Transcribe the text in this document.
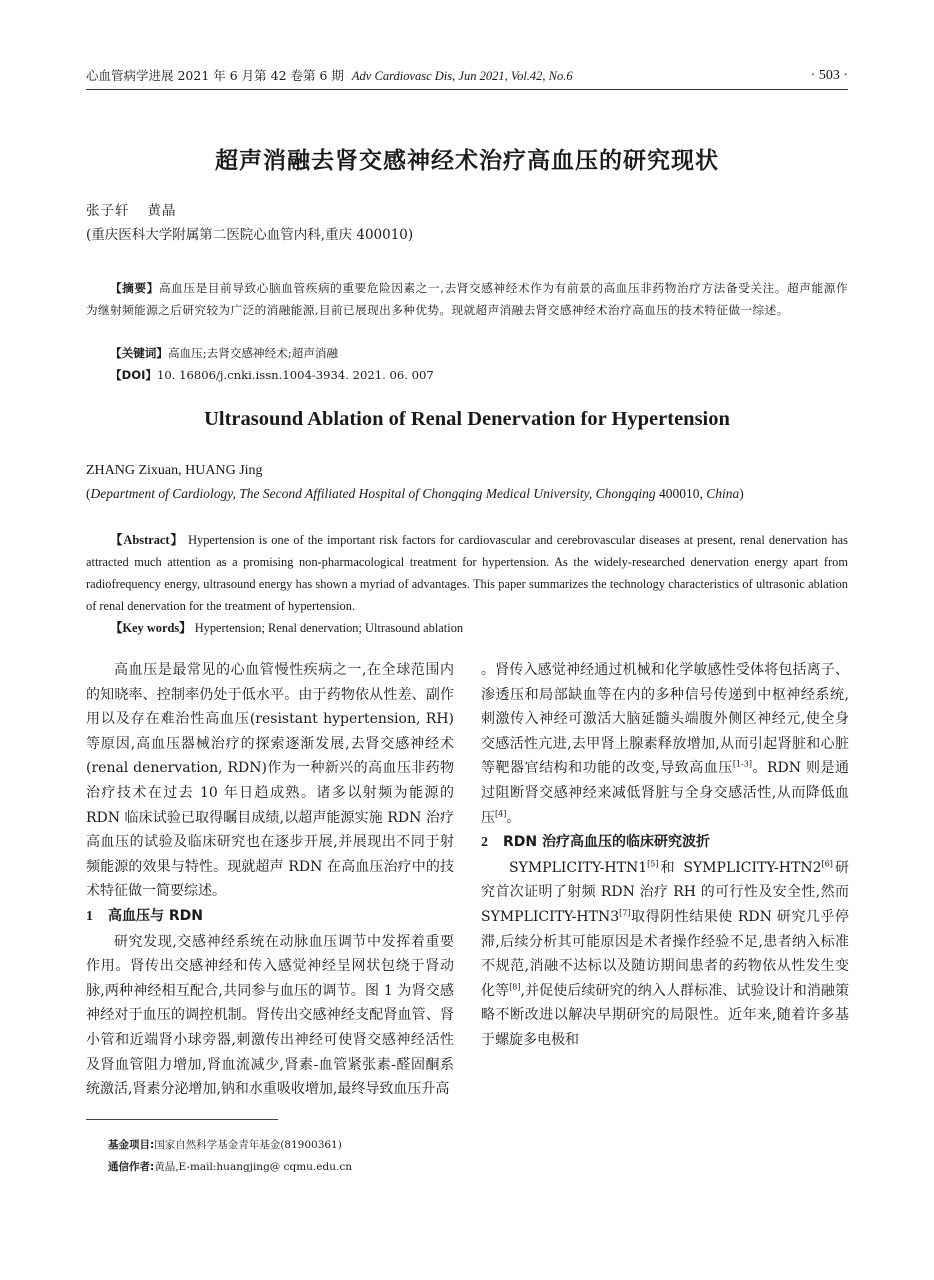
心血管病学进展 2021 年 6 月第 42 卷第 6 期 Adv Cardiovasc Dis, Jun 2021, Vol.42, No.6	· 503 ·
超声消融去肾交感神经术治疗高血压的研究现状
张子轩 黄晶
(重庆医科大学附属第二医院心血管内科,重庆 400010)
【摘要】高血压是目前导致心脑血管疾病的重要危险因素之一,去肾交感神经术作为有前景的高血压非药物治疗方法备受关注。超声能源作为继射频能源之后研究较为广泛的消融能源,目前已展现出多种优势。现就超声消融去肾交感神经术治疗高血压的技术特征做一综述。
【关键词】高血压;去肾交感神经术;超声消融
【DOI】10. 16806/j.cnki.issn.1004-3934. 2021. 06. 007
Ultrasound Ablation of Renal Denervation for Hypertension
ZHANG Zixuan, HUANG Jing
(Department of Cardiology, The Second Affiliated Hospital of Chongqing Medical University, Chongqing 400010, China)
【Abstract】 Hypertension is one of the important risk factors for cardiovascular and cerebrovascular diseases at present, renal denervation has attracted much attention as a promising non-pharmacological treatment for hypertension. As the widely-researched denervation energy apart from radiofrequency energy, ultrasound energy has shown a myriad of advantages. This paper summarizes the technology characteristics of ultrasonic ablation of renal denervation for the treatment of hypertension.
【Key words】 Hypertension; Renal denervation; Ultrasound ablation

高血压是最常见的心血管慢性疾病之一,在全球范围内的知晓率、控制率仍处于低水平。由于药物依从性差、副作用以及存在难治性高血压(resistant hypertension, RH)等原因,高血压器械治疗的探索逐渐发展,去肾交感神经术(renal denervation, RDN)作为一种新兴的高血压非药物治疗技术在过去 10 年日趋成熟。诸多以射频为能源的 RDN 临床试验已取得瞩目成绩,以超声能源实施 RDN 治疗高血压的试验及临床研究也在逐步开展,并展现出不同于射频能源的效果与特性。现就超声 RDN 在高血压治疗中的技术特征做一简要综述。

1 高血压与 RDN

研究发现,交感神经系统在动脉血压调节中发挥着重要作用。肾传出交感神经和传入感觉神经呈网状包绕于肾动脉,两种神经相互配合,共同参与血压的调节。图 1 为肾交感神经对于血压的调控机制。肾传出交感神经支配肾血管、肾小管和近端肾小球旁器,刺激传出神经可使肾交感神经活性及肾血管阻力增加,肾血流减少,肾素-血管紧张素-醛固酮系统激活,肾素分泌增加,钠和水重吸收增加,最终导致血压升高

。肾传入感觉神经通过机械和化学敏感性受体将包括离子、渗透压和局部缺血等在内的多种信号传递到中枢神经系统,刺激传入神经可激活大脑延髓头端腹外侧区神经元,使全身交感活性亢进,去甲肾上腺素释放增加,从而引起肾脏和心脏等靶器官结构和功能的改变,导致高血压[1-3]。RDN 则是通过阻断肾交感神经来减低肾脏与全身交感活性,从而降低血压[4]。

2 RDN 治疗高血压的临床研究波折

SYMPLICITY-HTN1[5]和 SYMPLICITY-HTN2[6]研究首次证明了射频 RDN 治疗 RH 的可行性及安全性,然而 SYMPLICITY-HTN3[7]取得阴性结果使 RDN 研究几乎停滞,后续分析其可能原因是术者操作经验不足,患者纳入标准不规范,消融不达标以及随访期间患者的药物依从性发生变化等[8],并促使后续研究的纳入人群标准、试验设计和消融策略不断改进以解决早期研究的局限性。近年来,随着许多基于螺旋多电极和

基金项目:国家自然科学基金青年基金(81900361)
通信作者:黄晶,E-mail:huangjing@ cqmu.edu.cn
